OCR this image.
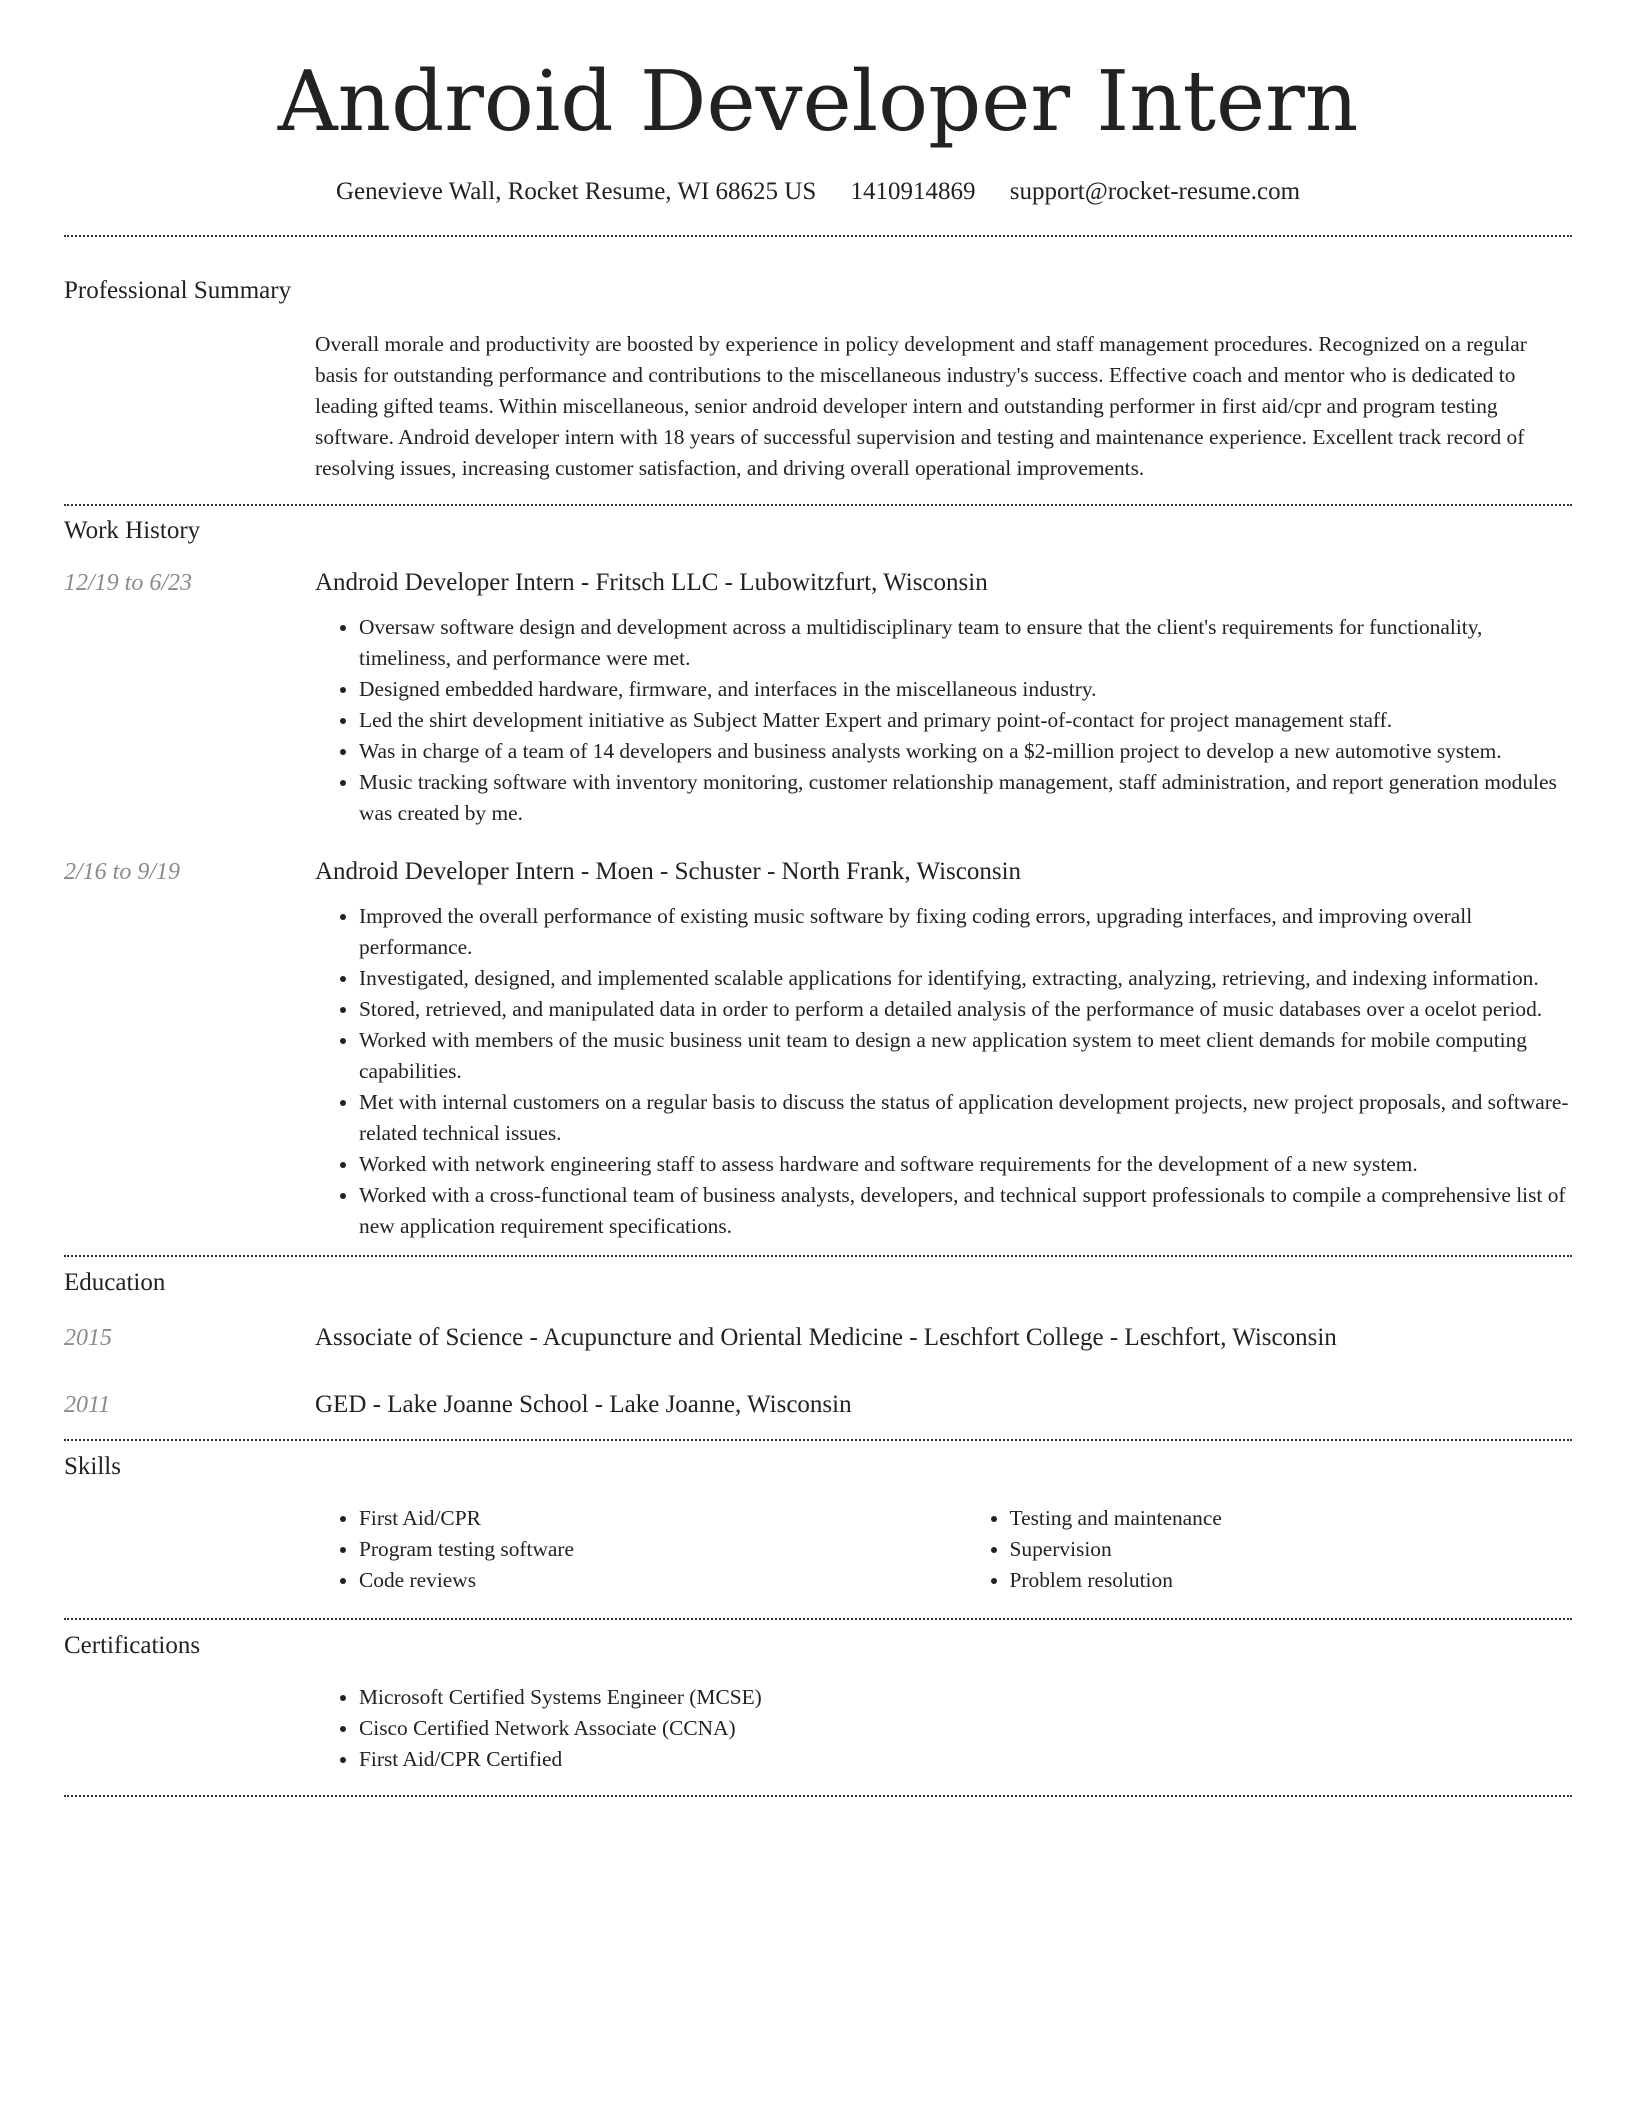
Android Developer Intern
Genevieve Wall, Rocket Resume, WI 68625 US 1410914869 support@rocket-resume.com
Professional Summary

Overall morale and productivity are boosted by experience in policy development and staff management procedures. Recognized on a regular basis for outstanding performance and contributions to the miscellaneous industry's success. Effective coach and mentor who is dedicated to leading gifted teams. Within miscellaneous, senior android developer intern and outstanding performer in first aid/cpr and program testing software. Android developer intern with 18 years of successful supervision and testing and maintenance experience. Excellent track record of resolving issues, increasing customer satisfaction, and driving overall operational improvements.

Work History
12/19 to 6/23	Android Developer Intern - Fritsch LLC - Lubowitzfurt, Wisconsin

• Oversaw software design and development across a multidisciplinary team to ensure that the client's requirements for functionality, timeliness, and performance were met.
• Designed embedded hardware, firmware, and interfaces in the miscellaneous industry.
• Led the shirt development initiative as Subject Matter Expert and primary point-of-contact for project management staff.
• Was in charge of a team of 14 developers and business analysts working on a $2-million project to develop a new automotive system.
• Music tracking software with inventory monitoring, customer relationship management, staff administration, and report generation modules was created by me.
2/16 to 9/19	Android Developer Intern - Moen - Schuster - North Frank, Wisconsin

• Improved the overall performance of existing music software by fixing coding errors, upgrading interfaces, and improving overall performance.
• Investigated, designed, and implemented scalable applications for identifying, extracting, analyzing, retrieving, and indexing information.
• Stored, retrieved, and manipulated data in order to perform a detailed analysis of the performance of music databases over a ocelot period.
• Worked with members of the music business unit team to design a new application system to meet client demands for mobile computing capabilities.
• Met with internal customers on a regular basis to discuss the status of application development projects, new project proposals, and software-related technical issues.
• Worked with network engineering staff to assess hardware and software requirements for the development of a new system.
• Worked with a cross-functional team of business analysts, developers, and technical support professionals to compile a comprehensive list of new application requirement specifications.
Education
2015	Associate of Science - Acupuncture and Oriental Medicine - Leschfort College - Leschfort, Wisconsin

2011	GED - Lake Joanne School - Lake Joanne, Wisconsin

Skills
• First Aid/CPR
• Program testing software
• Code reviews
• Testing and maintenance
• Supervision
• Problem resolution
Certifications
• Microsoft Certified Systems Engineer (MCSE)
• Cisco Certified Network Associate (CCNA)
• First Aid/CPR Certified
